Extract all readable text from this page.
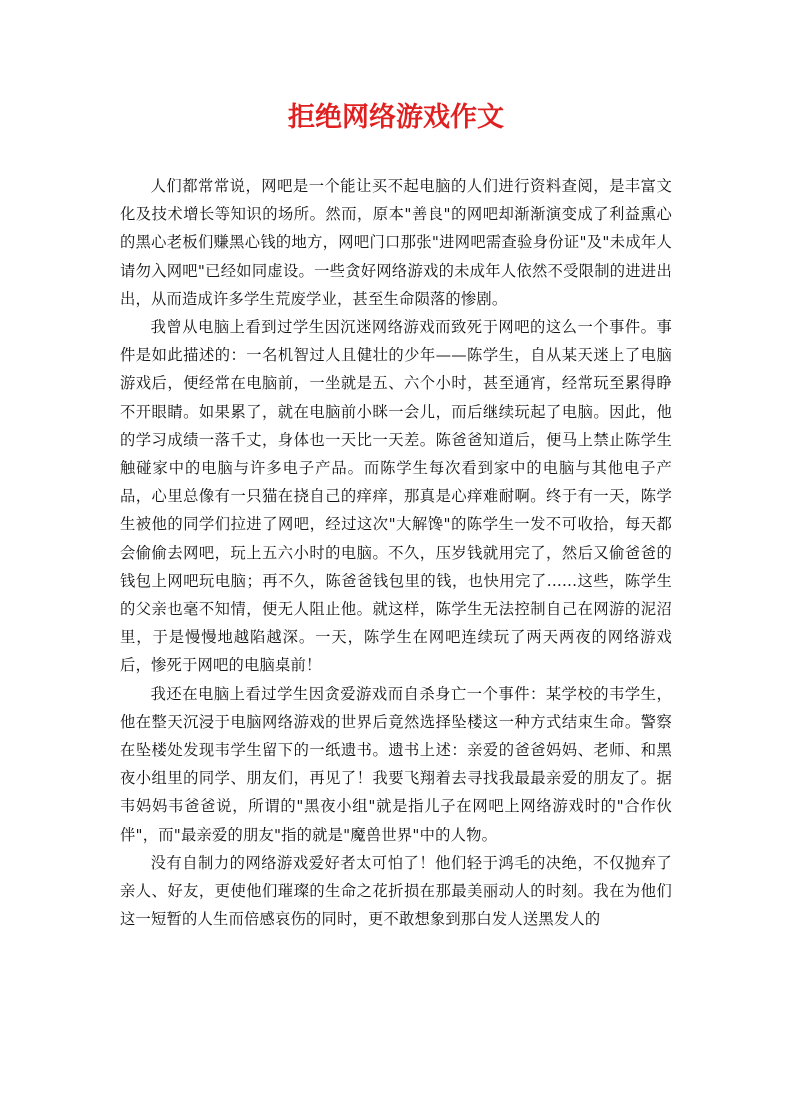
拒绝网络游戏作文

人们都常常说，网吧是一个能让买不起电脑的人们进行资料查阅，是丰富文化及技术增长等知识的场所。然而，原本"善良"的网吧却渐渐演变成了利益熏心的黑心老板们赚黑心钱的地方，网吧门口那张"进网吧需查验身份证"及"未成年人请勿入网吧"已经如同虚设。一些贪好网络游戏的未成年人依然不受限制的进进出出，从而造成许多学生荒废学业，甚至生命陨落的惨剧。

我曾从电脑上看到过学生因沉迷网络游戏而致死于网吧的这么一个事件。事件是如此描述的：一名机智过人且健壮的少年——陈学生，自从某天迷上了电脑游戏后，便经常在电脑前，一坐就是五、六个小时，甚至通宵，经常玩至累得睁不开眼睛。如果累了，就在电脑前小眯一会儿，而后继续玩起了电脑。因此，他的学习成绩一落千丈，身体也一天比一天差。陈爸爸知道后，便马上禁止陈学生触碰家中的电脑与许多电子产品。而陈学生每次看到家中的电脑与其他电子产品，心里总像有一只猫在挠自己的痒痒，那真是心痒难耐啊。终于有一天，陈学生被他的同学们拉进了网吧，经过这次"大解馋"的陈学生一发不可收拾，每天都会偷偷去网吧，玩上五六小时的电脑。不久，压岁钱就用完了，然后又偷爸爸的钱包上网吧玩电脑；再不久，陈爸爸钱包里的钱，也快用完了......这些，陈学生的父亲也毫不知情，便无人阻止他。就这样，陈学生无法控制自己在网游的泥沼里，于是慢慢地越陷越深。一天，陈学生在网吧连续玩了两天两夜的网络游戏后，惨死于网吧的电脑桌前！

我还在电脑上看过学生因贪爱游戏而自杀身亡一个事件：某学校的韦学生，他在整天沉浸于电脑网络游戏的世界后竟然选择坠楼这一种方式结束生命。警察在坠楼处发现韦学生留下的一纸遗书。遗书上述：亲爱的爸爸妈妈、老师、和黑夜小组里的同学、朋友们，再见了！我要飞翔着去寻找我最最亲爱的朋友了。据韦妈妈韦爸爸说，所谓的"黑夜小组"就是指儿子在网吧上网络游戏时的"合作伙伴"，而"最亲爱的朋友"指的就是"魔兽世界"中的人物。

没有自制力的网络游戏爱好者太可怕了！他们轻于鸿毛的决绝，不仅抛弃了亲人、好友，更使他们璀璨的生命之花折损在那最美丽动人的时刻。我在为他们这一短暂的人生而倍感哀伤的同时，更不敢想象到那白发人送黑发人的
